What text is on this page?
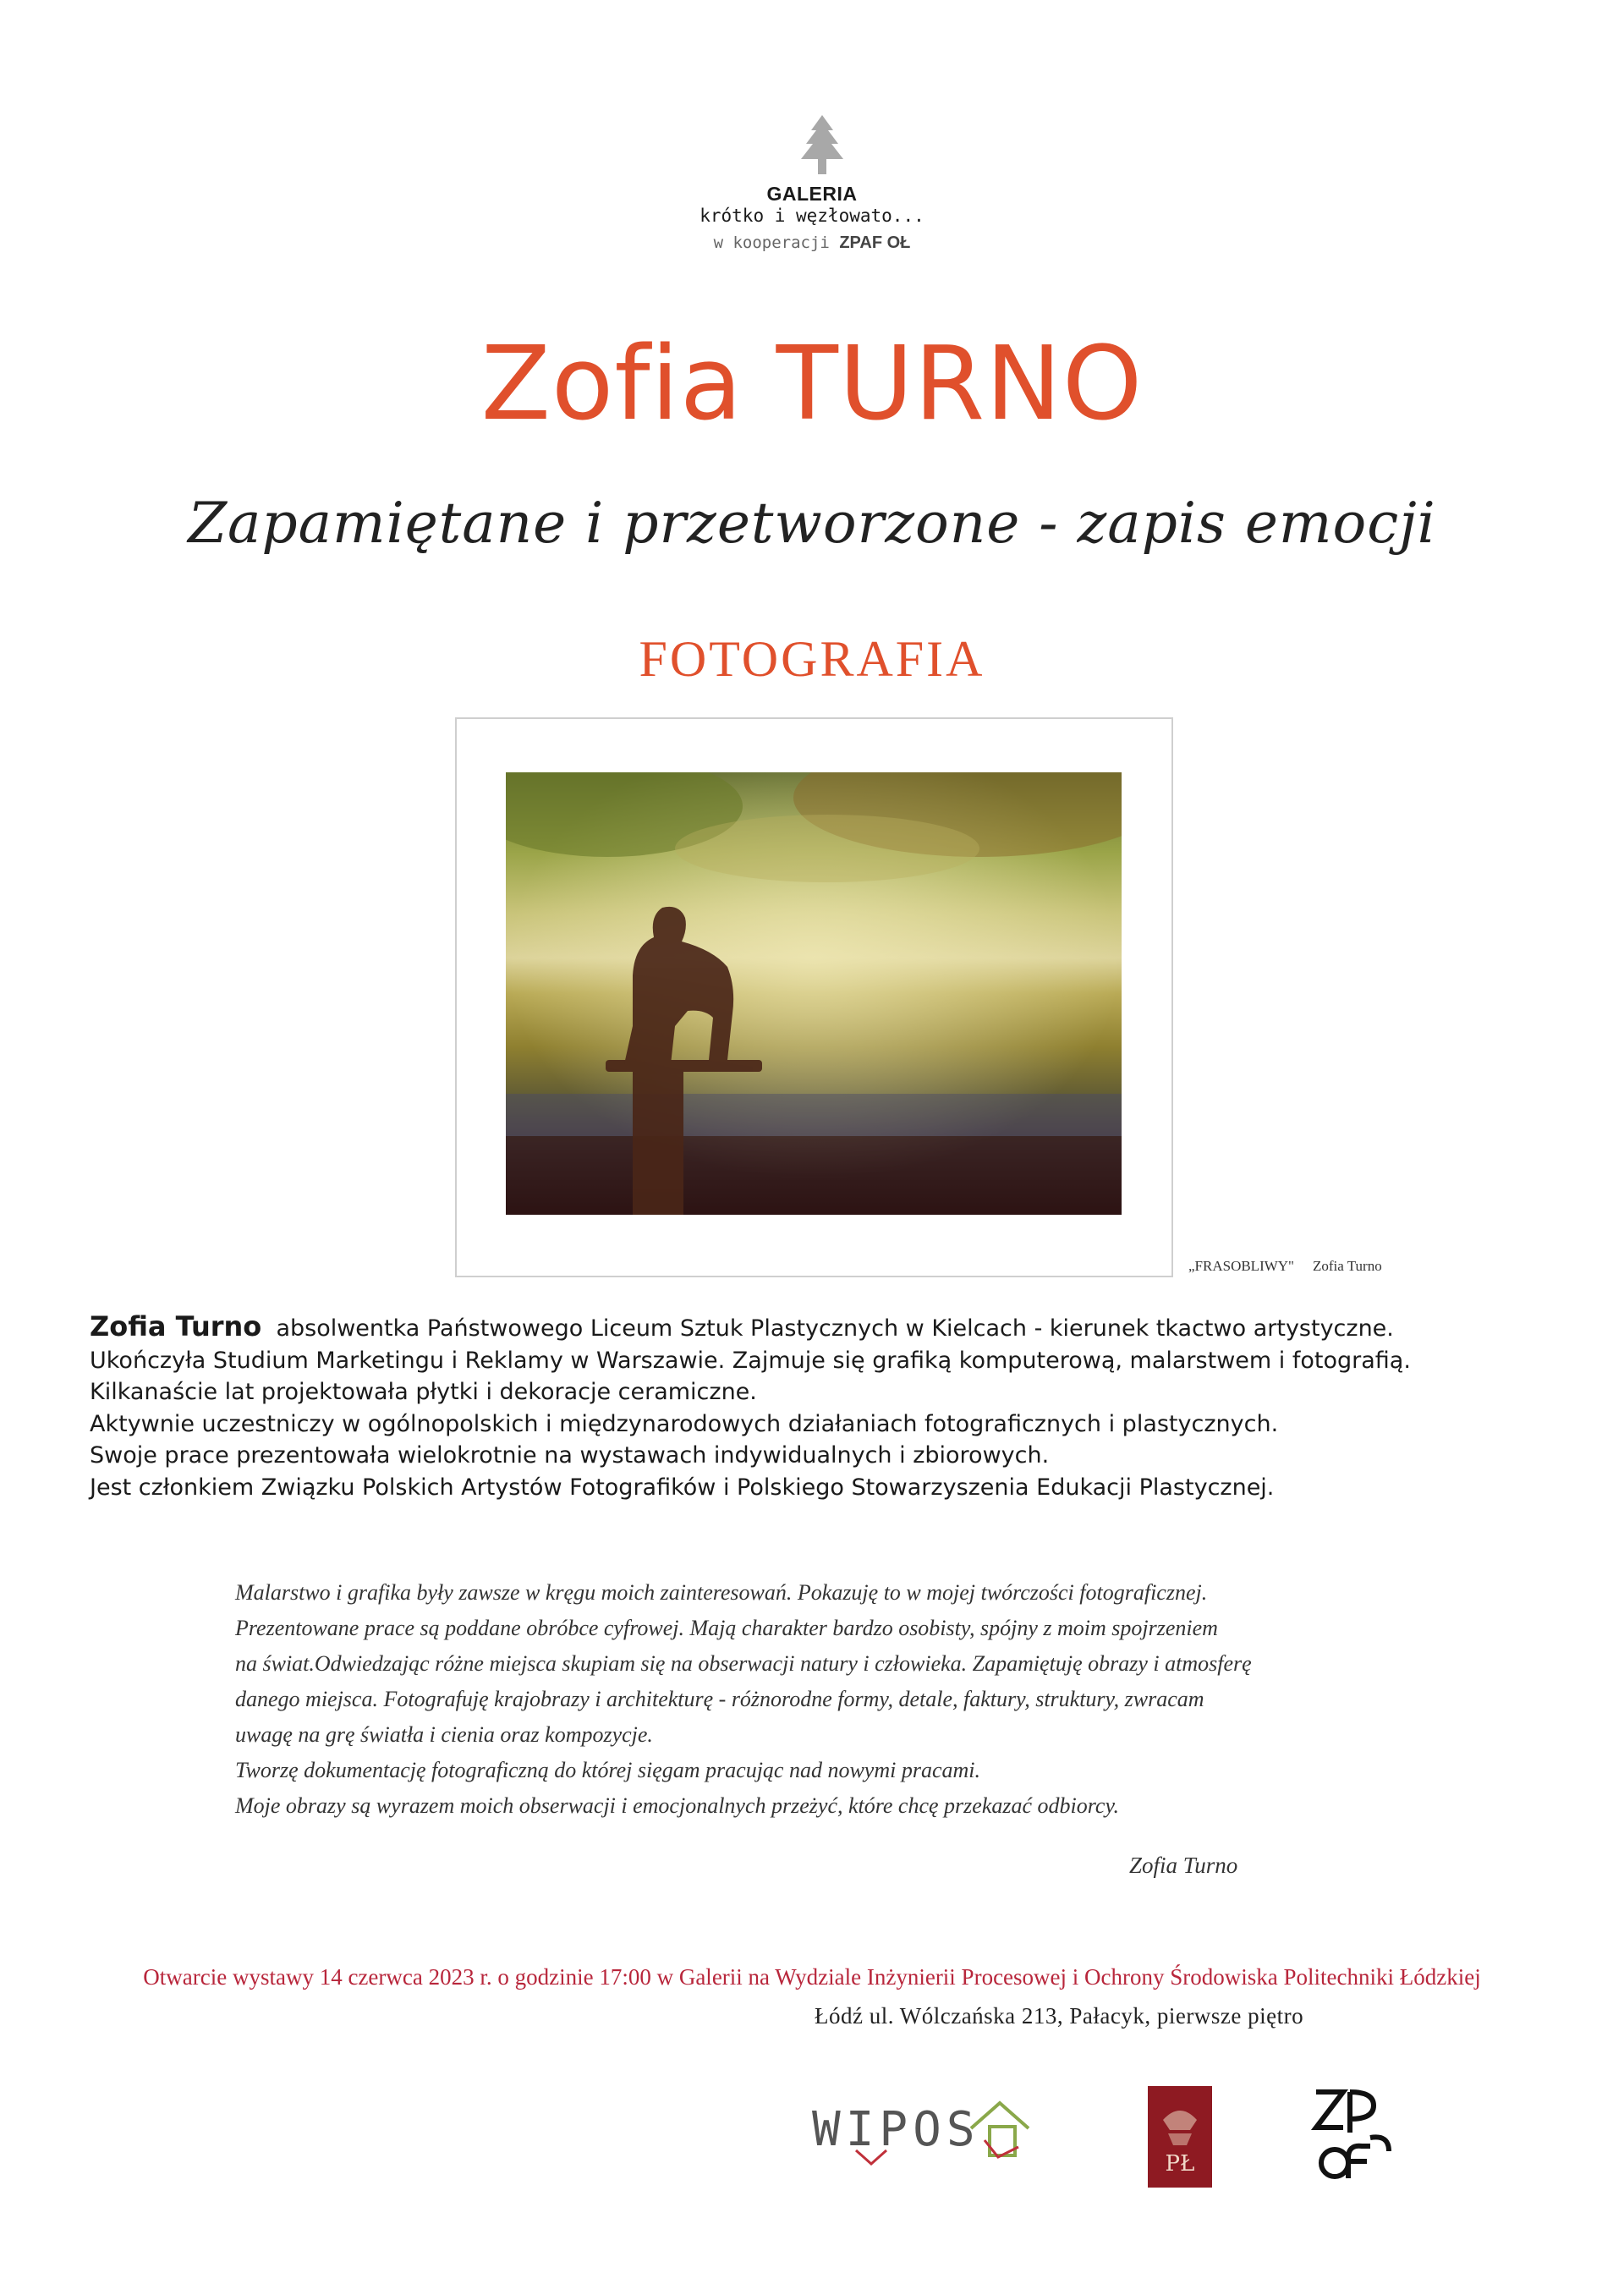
GALERIA
krótko i węzłowato...
w kooperacji ZPAF OŁ
Zofia TURNO
Zapamiętane i przetworzone - zapis emocji
FOTOGRAFIA
„FRASOBLIWY" Zofia Turno
Zofia Turno absolwentka Państwowego Liceum Sztuk Plastycznych w Kielcach - kierunek tkactwo artystyczne.
Ukończyła Studium Marketingu i Reklamy w Warszawie. Zajmuje się grafiką komputerową, malarstwem i fotografią.
Kilkanaście lat projektowała płytki i dekoracje ceramiczne.
Aktywnie uczestniczy w ogólnopolskich i międzynarodowych działaniach fotograficznych i plastycznych.
Swoje prace prezentowała wielokrotnie na wystawach indywidualnych i zbiorowych.
Jest członkiem Związku Polskich Artystów Fotografików i Polskiego Stowarzyszenia Edukacji Plastycznej.
Malarstwo i grafika były zawsze w kręgu moich zainteresowań. Pokazuję to w mojej twórczości fotograficznej.
Prezentowane prace są poddane obróbce cyfrowej. Mają charakter bardzo osobisty, spójny z moim spojrzeniem
na świat.Odwiedzając różne miejsca skupiam się na obserwacji natury i człowieka. Zapamiętuję obrazy i atmosferę
danego miejsca. Fotografuję krajobrazy i architekturę - różnorodne formy, detale, faktury, struktury, zwracam
uwagę na grę światła i cienia oraz kompozycje.
Tworzę dokumentację fotograficzną do której sięgam pracując nad nowymi pracami.
Moje obrazy są wyrazem moich obserwacji i emocjonalnych przeżyć, które chcę przekazać odbiorcy.
Zofia Turno
Otwarcie wystawy 14 czerwca 2023 r. o godzinie 17:00 w Galerii na Wydziale Inżynierii Procesowej i Ochrony Środowiska Politechniki Łódzkiej
Łódź ul. Wólczańska 213, Pałacyk, pierwsze piętro
WIPOS
PŁ
